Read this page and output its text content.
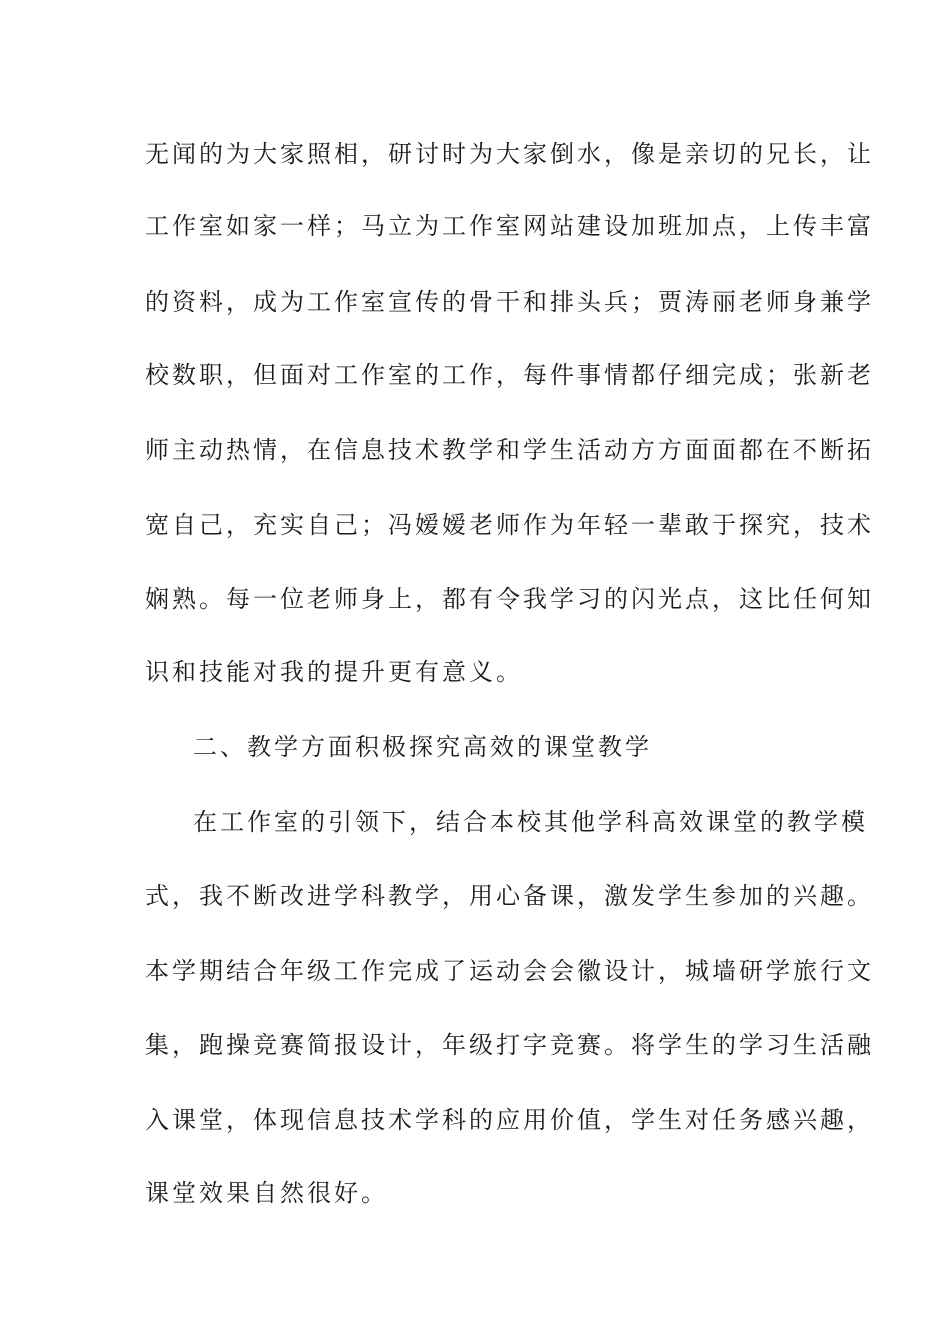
无闻的为大家照相，研讨时为大家倒水，像是亲切的兄长，让
工作室如家一样；马立为工作室网站建设加班加点，上传丰富
的资料，成为工作室宣传的骨干和排头兵；贾涛丽老师身兼学
校数职，但面对工作室的工作，每件事情都仔细完成；张新老
师主动热情，在信息技术教学和学生活动方方面面都在不断拓
宽自己，充实自己；冯嫒嫒老师作为年轻一辈敢于探究，技术
娴熟。每一位老师身上，都有令我学习的闪光点，这比任何知
识和技能对我的提升更有意义。
二、教学方面积极探究高效的课堂教学
在工作室的引领下，结合本校其他学科高效课堂的教学模
式，我不断改进学科教学，用心备课，激发学生参加的兴趣。
本学期结合年级工作完成了运动会会徽设计，城墙研学旅行文
集，跑操竞赛简报设计，年级打字竞赛。将学生的学习生活融
入课堂，体现信息技术学科的应用价值，学生对任务感兴趣，
课堂效果自然很好。
